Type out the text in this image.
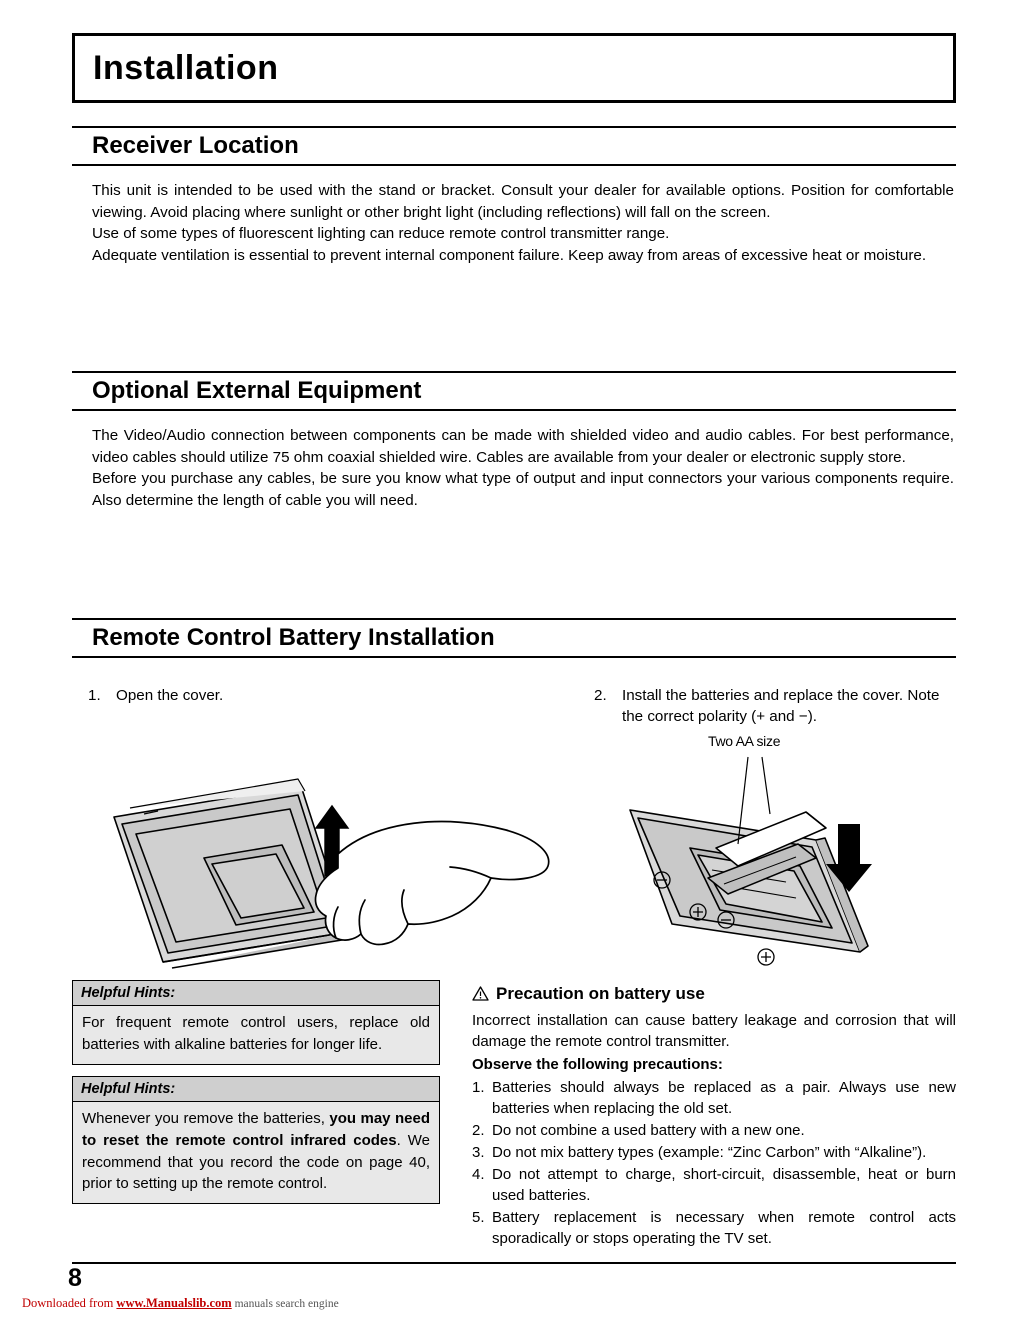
Installation
Receiver Location

This unit is intended to be used with the stand or bracket. Consult your dealer for available options. Position for comfortable viewing. Avoid placing where sunlight or other bright light (including reflections) will fall on the screen.

Use of some types of fluorescent lighting can reduce remote control transmitter range.

Adequate ventilation is essential to prevent internal component failure. Keep away from areas of excessive heat or moisture.

Optional External Equipment

The Video/Audio connection between components can be made with shielded video and audio cables. For best performance, video cables should utilize 75 ohm coaxial shielded wire. Cables are available from your dealer or electronic supply store.

Before you purchase any cables, be sure you know what type of output and input connectors your various components require. Also determine the length of cable you will need.

Remote Control Battery Installation
1. Open the cover.	2. Install the batteries and replace the cover. Note the correct polarity (+ and −).
Two AA size
Helpful Hints:
For frequent remote control users, replace old batteries with alkaline batteries for longer life.
Helpful Hints:
Whenever you remove the batteries, you may need to reset the remote control infrared codes. We recommend that you record the code on page 40, prior to setting up the remote control.
Precaution on battery use
Incorrect installation can cause battery leakage and corrosion that will damage the remote control transmitter.
Observe the following precautions:
1. Batteries should always be replaced as a pair. Always use new batteries when replacing the old set.
2. Do not combine a used battery with a new one.
3. Do not mix battery types (example: “Zinc Carbon” with “Alkaline”).
4. Do not attempt to charge, short-circuit, disassemble, heat or burn used batteries.
5. Battery replacement is necessary when remote control acts sporadically or stops operating the TV set.
8
Downloaded from www.Manualslib.com manuals search engine
